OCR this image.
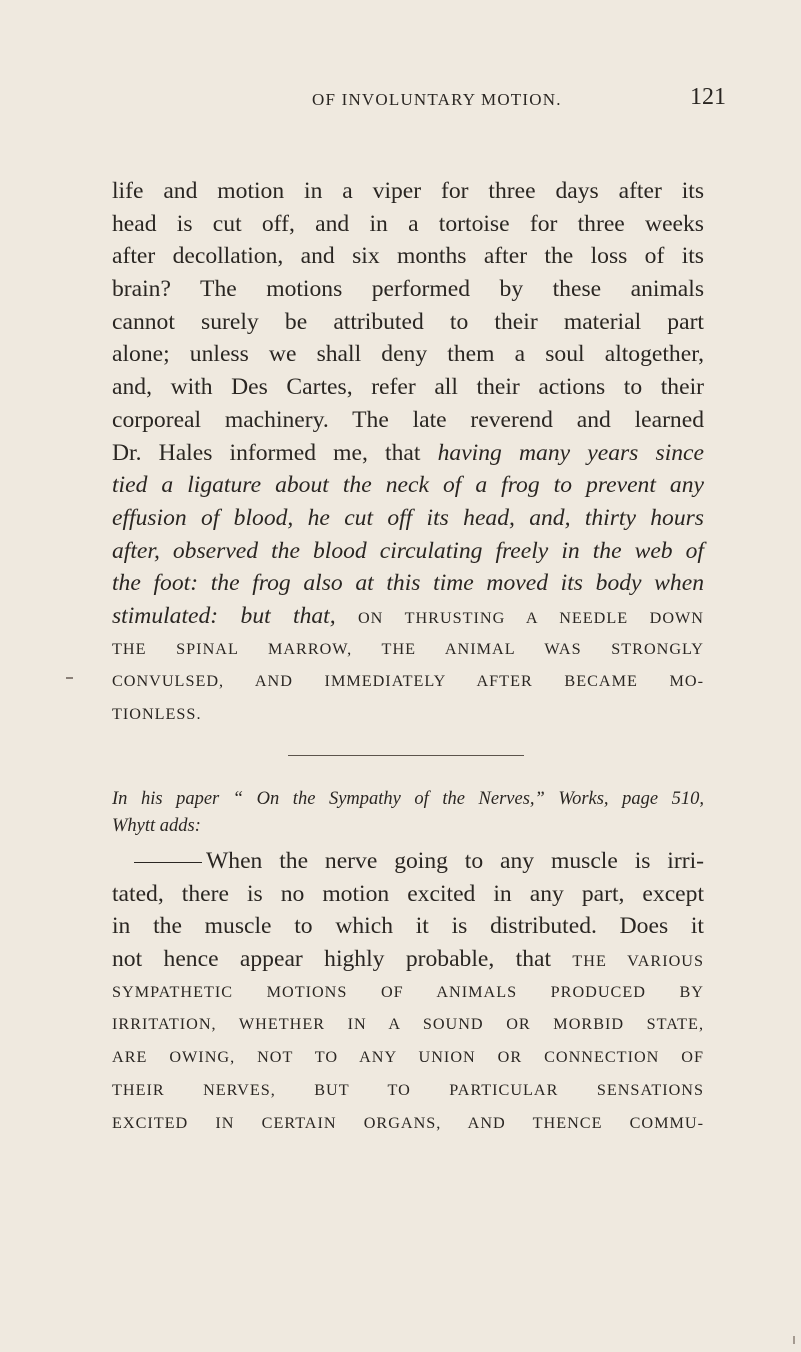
OF INVOLUNTARY MOTION.	121
life and motion in a viper for three days after its
head is cut off, and in a tortoise for three weeks
after decollation, and six months after the loss of its
brain? The motions performed by these animals
cannot surely be attributed to their material part
alone; unless we shall deny them a soul altogether,
and, with Des Cartes, refer all their actions to their
corporeal machinery. The late reverend and learned
Dr. Hales informed me, that having many years since
tied a ligature about the neck of a frog to prevent any
effusion of blood, he cut off its head, and, thirty hours
after, observed the blood circulating freely in the web of
the foot: the frog also at this time moved its body when
stimulated: but that, ON THRUSTING A NEEDLE DOWN
THE SPINAL MARROW, THE ANIMAL WAS STRONGLY
CONVULSED, AND IMMEDIATELY AFTER BECAME MO-
TIONLESS.
In his paper “ On the Sympathy of the Nerves,” Works, page 510,
Whytt adds:
When the nerve going to any muscle is irri-
tated, there is no motion excited in any part, except
in the muscle to which it is distributed. Does it
not hence appear highly probable, that THE VARIOUS
SYMPATHETIC MOTIONS OF ANIMALS PRODUCED BY
IRRITATION, WHETHER IN A SOUND OR MORBID STATE,
ARE OWING, NOT TO ANY UNION OR CONNECTION OF
THEIR NERVES, BUT TO PARTICULAR SENSATIONS
EXCITED IN CERTAIN ORGANS, AND THENCE COMMU-
